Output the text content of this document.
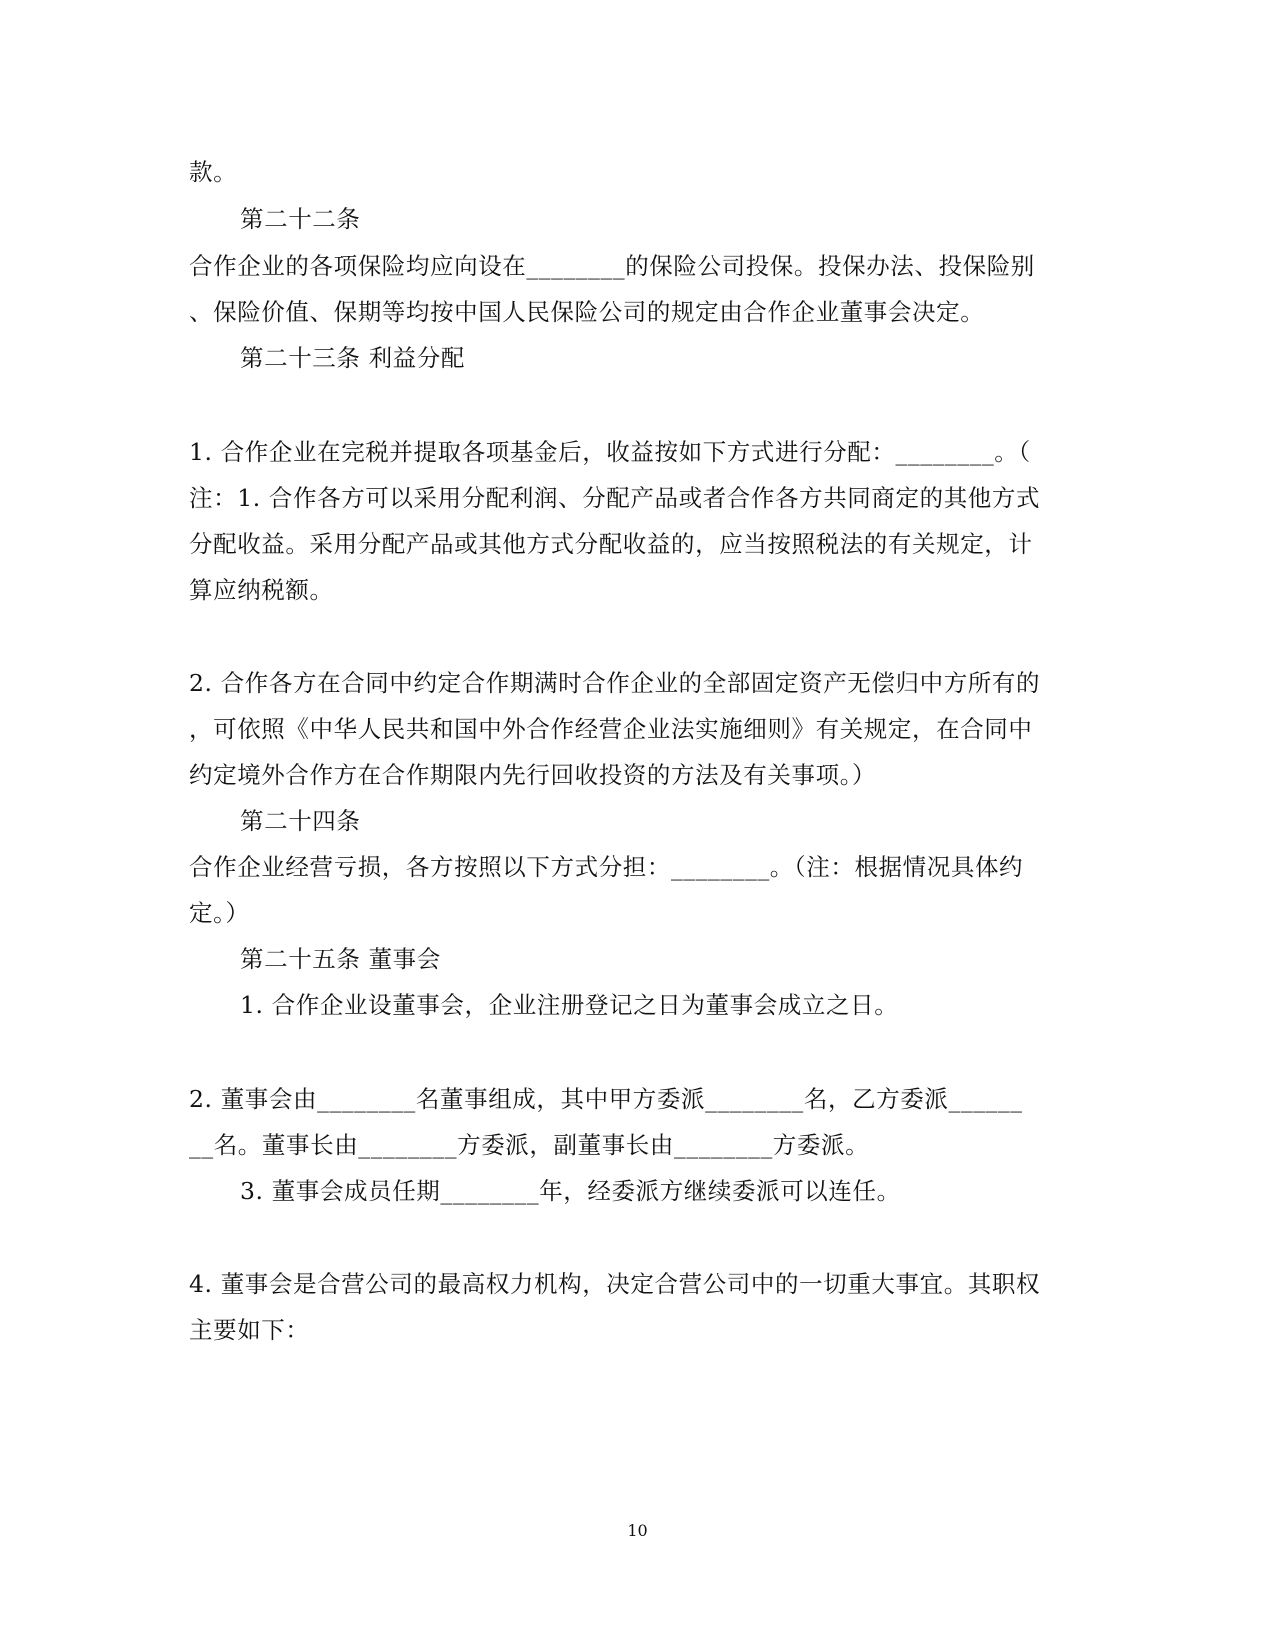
款。
第二十二条
合作企业的各项保险均应向设在________的保险公司投保。投保办法、投保险别
、保险价值、保期等均按中国人民保险公司的规定由合作企业董事会决定。
第二十三条 利益分配
1. 合作企业在完税并提取各项基金后，收益按如下方式进行分配：________。（
注：1. 合作各方可以采用分配利润、分配产品或者合作各方共同商定的其他方式
分配收益。采用分配产品或其他方式分配收益的，应当按照税法的有关规定，计
算应纳税额。
2. 合作各方在合同中约定合作期满时合作企业的全部固定资产无偿归中方所有的
，可依照《中华人民共和国中外合作经营企业法实施细则》有关规定，在合同中
约定境外合作方在合作期限内先行回收投资的方法及有关事项。）
第二十四条
合作企业经营亏损，各方按照以下方式分担：________。（注：根据情况具体约
定。）
第二十五条 董事会
1. 合作企业设董事会，企业注册登记之日为董事会成立之日。
2. 董事会由________名董事组成，其中甲方委派________名，乙方委派______
__名。董事长由________方委派，副董事长由________方委派。
3. 董事会成员任期________年，经委派方继续委派可以连任。
4. 董事会是合营公司的最高权力机构，决定合营公司中的一切重大事宜。其职权
主要如下：
10
